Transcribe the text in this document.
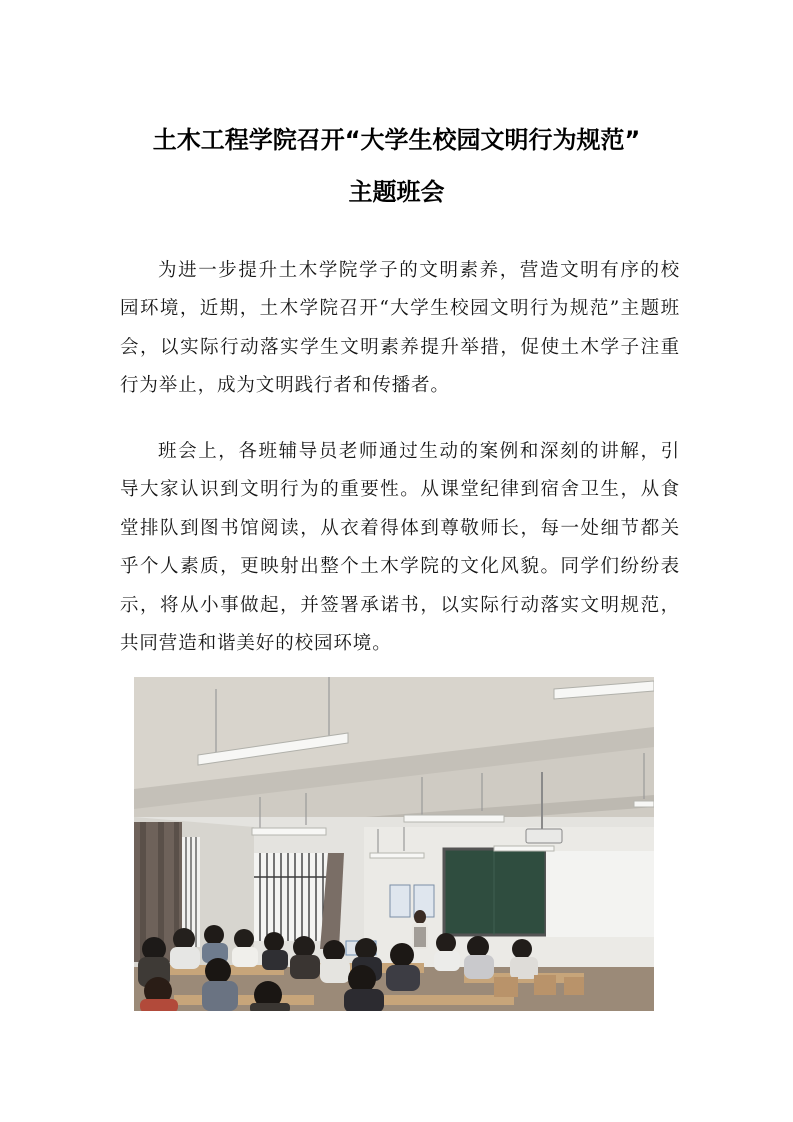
土木工程学院召开“大学生校园文明行为规范”
主题班会

为进一步提升土木学院学子的文明素养，营造文明有序的校园环境，近期，土木学院召开“大学生校园文明行为规范”主题班会，以实际行动落实学生文明素养提升举措，促使土木学子注重行为举止，成为文明践行者和传播者。

班会上，各班辅导员老师通过生动的案例和深刻的讲解，引导大家认识到文明行为的重要性。从课堂纪律到宿舍卫生，从食堂排队到图书馆阅读，从衣着得体到尊敬师长，每一处细节都关乎个人素质，更映射出整个土木学院的文化风貌。同学们纷纷表示，将从小事做起，并签署承诺书，以实际行动落实文明规范，共同营造和谐美好的校园环境。
